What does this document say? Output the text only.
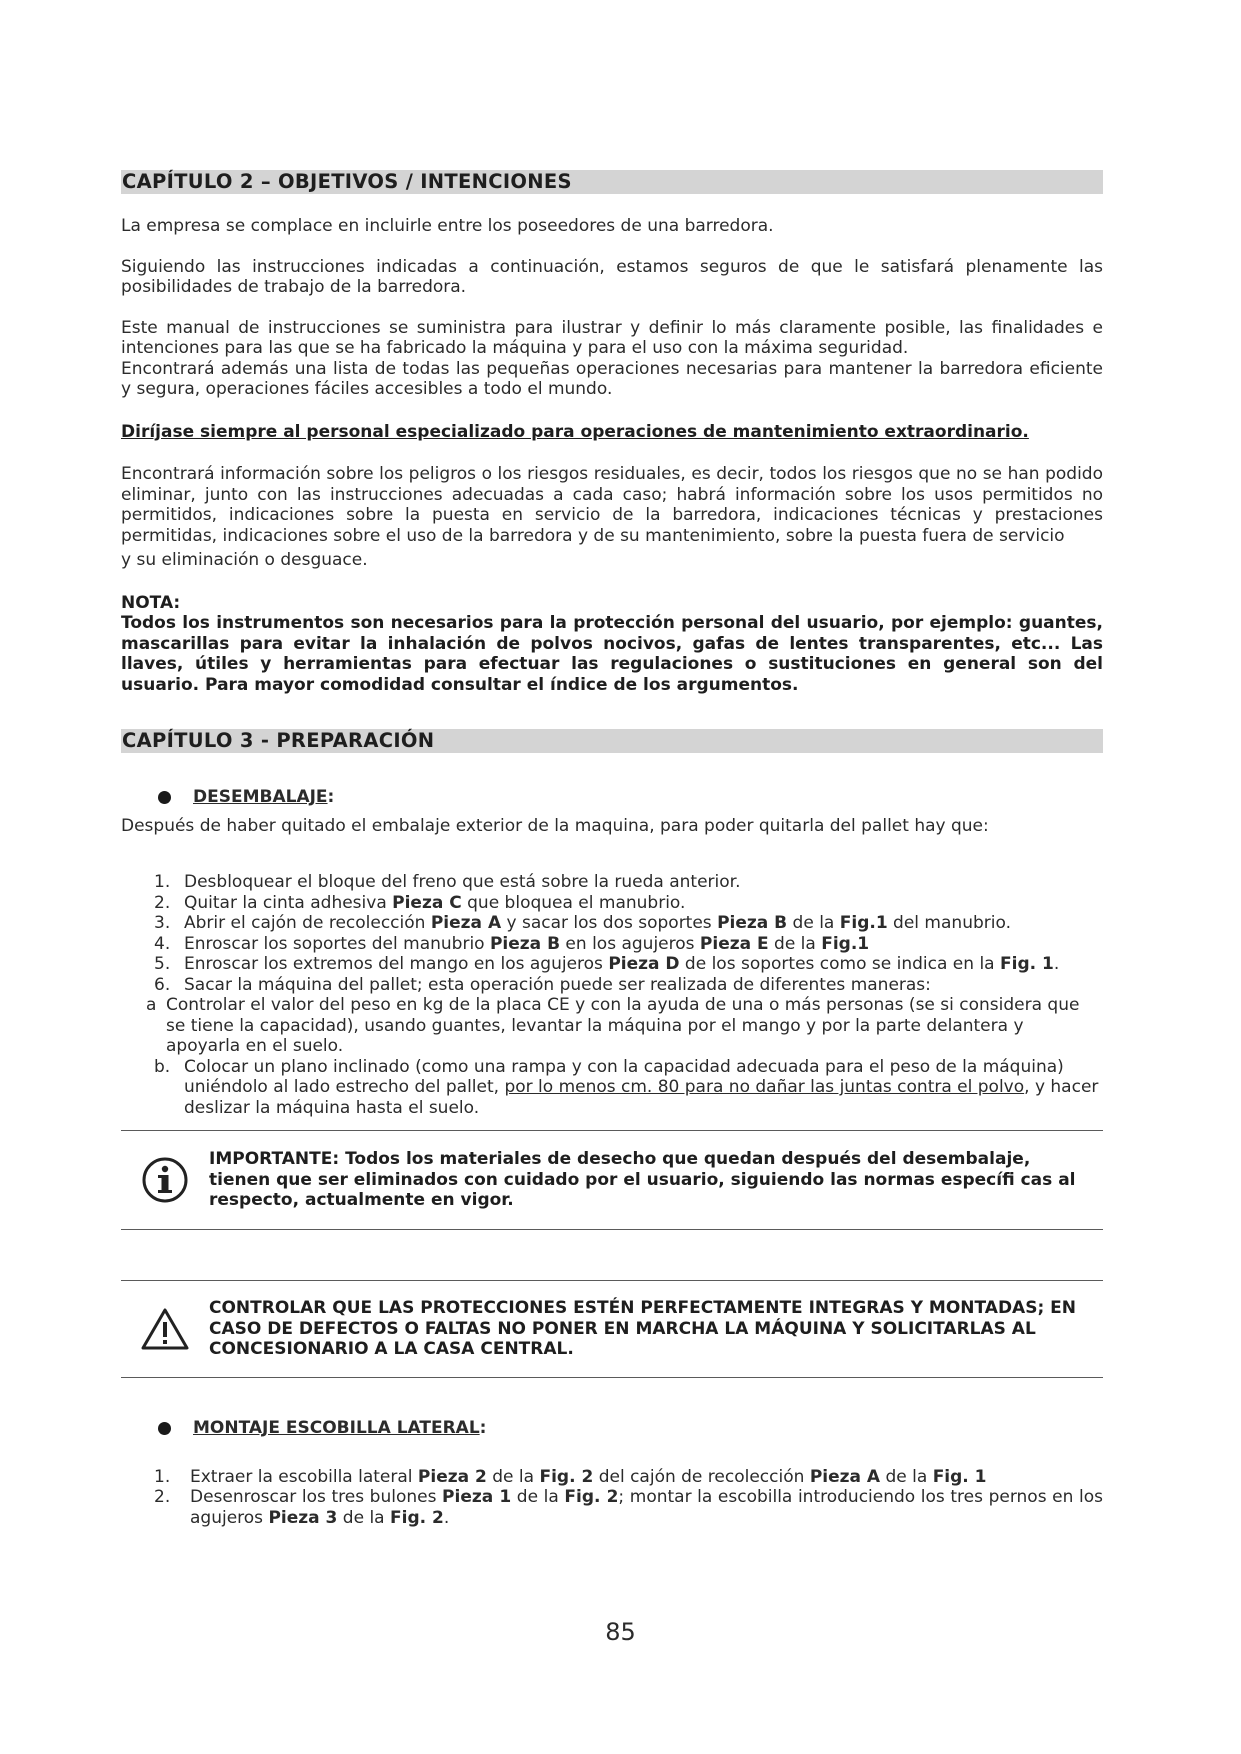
CAPÍTULO 2 – OBJETIVOS / INTENCIONES

La empresa se complace en incluirle entre los poseedores de una barredora.

Siguiendo las instrucciones indicadas a continuación, estamos seguros de que le satisfará plenamente las posibilidades de trabajo de la barredora.

Este manual de instrucciones se suministra para ilustrar y definir lo más claramente posible, las finalidades e intenciones para las que se ha fabricado la máquina y para el uso con la máxima seguridad.

Encontrará además una lista de todas las pequeñas operaciones necesarias para mantener la barredora eficiente y segura, operaciones fáciles accesibles a todo el mundo.

Diríjase siempre al personal especializado para operaciones de mantenimiento extraordinario.

Encontrará información sobre los peligros o los riesgos residuales, es decir, todos los riesgos que no se han podido eliminar, junto con las instrucciones adecuadas a cada caso; habrá información sobre los usos permitidos no permitidos, indicaciones sobre la puesta en servicio de la barredora, indicaciones técnicas y prestaciones permitidas, indicaciones sobre el uso de la barredora y de su mantenimiento, sobre la puesta fuera de servicio

y su eliminación o desguace.

NOTA:

Todos los instrumentos son necesarios para la protección personal del usuario, por ejemplo: guantes, mascarillas para evitar la inhalación de polvos nocivos, gafas de lentes transparentes, etc... Las llaves, útiles y herramientas para efectuar las regulaciones o sustituciones en general son del usuario. Para mayor comodidad consultar el índice de los argumentos.

CAPÍTULO 3 - PREPARACIÓN
DESEMBALAJE :

Después de haber quitado el embalaje exterior de la maquina, para poder quitarla del pallet hay que:

1. Desbloquear el bloque del freno que está sobre la rueda anterior.
2. Quitar la cinta adhesiva Pieza C que bloquea el manubrio.
3. Abrir el cajón de recolección Pieza A y sacar los dos soportes Pieza B de la Fig.1 del manubrio.
4. Enroscar los soportes del manubrio Pieza B en los agujeros Pieza E de la Fig.1
5. Enroscar los extremos del mango en los agujeros Pieza D de los soportes como se indica en la Fig. 1.
6. Sacar la máquina del pallet; esta operación puede ser realizada de diferentes maneras:
a Controlar el valor del peso en kg de la placa CE y con la ayuda de una o más personas (se si considera que se tiene la capacidad), usando guantes, levantar la máquina por el mango y por la parte delantera y apoyarla en el suelo.
b. Colocar un plano inclinado (como una rampa y con la capacidad adecuada para el peso de la máquina) uniéndolo al lado estrecho del pallet, por lo menos cm. 80 para no dañar las juntas contra el polvo, y hacer deslizar la máquina hasta el suelo.
IMPORTANTE: Todos los materiales de desecho que quedan después del desembalaje, tienen que ser eliminados con cuidado por el usuario, siguiendo las normas específi cas al respecto, actualmente en vigor.
CONTROLAR QUE LAS PROTECCIONES ESTÉN PERFECTAMENTE INTEGRAS Y MONTADAS; EN CASO DE DEFECTOS O FALTAS NO PONER EN MARCHA LA MÁQUINA Y SOLICITARLAS AL CONCESIONARIO A LA CASA CENTRAL.
MONTAJE ESCOBILLA LATERAL :
1.	Extraer la escobilla lateral Pieza 2 de la Fig. 2 del cajón de recolección Pieza A de la Fig. 1
2.	Desenroscar los tres bulones Pieza 1 de la Fig. 2; montar la escobilla introduciendo los tres pernos en los agujeros Pieza 3 de la Fig. 2.
85
